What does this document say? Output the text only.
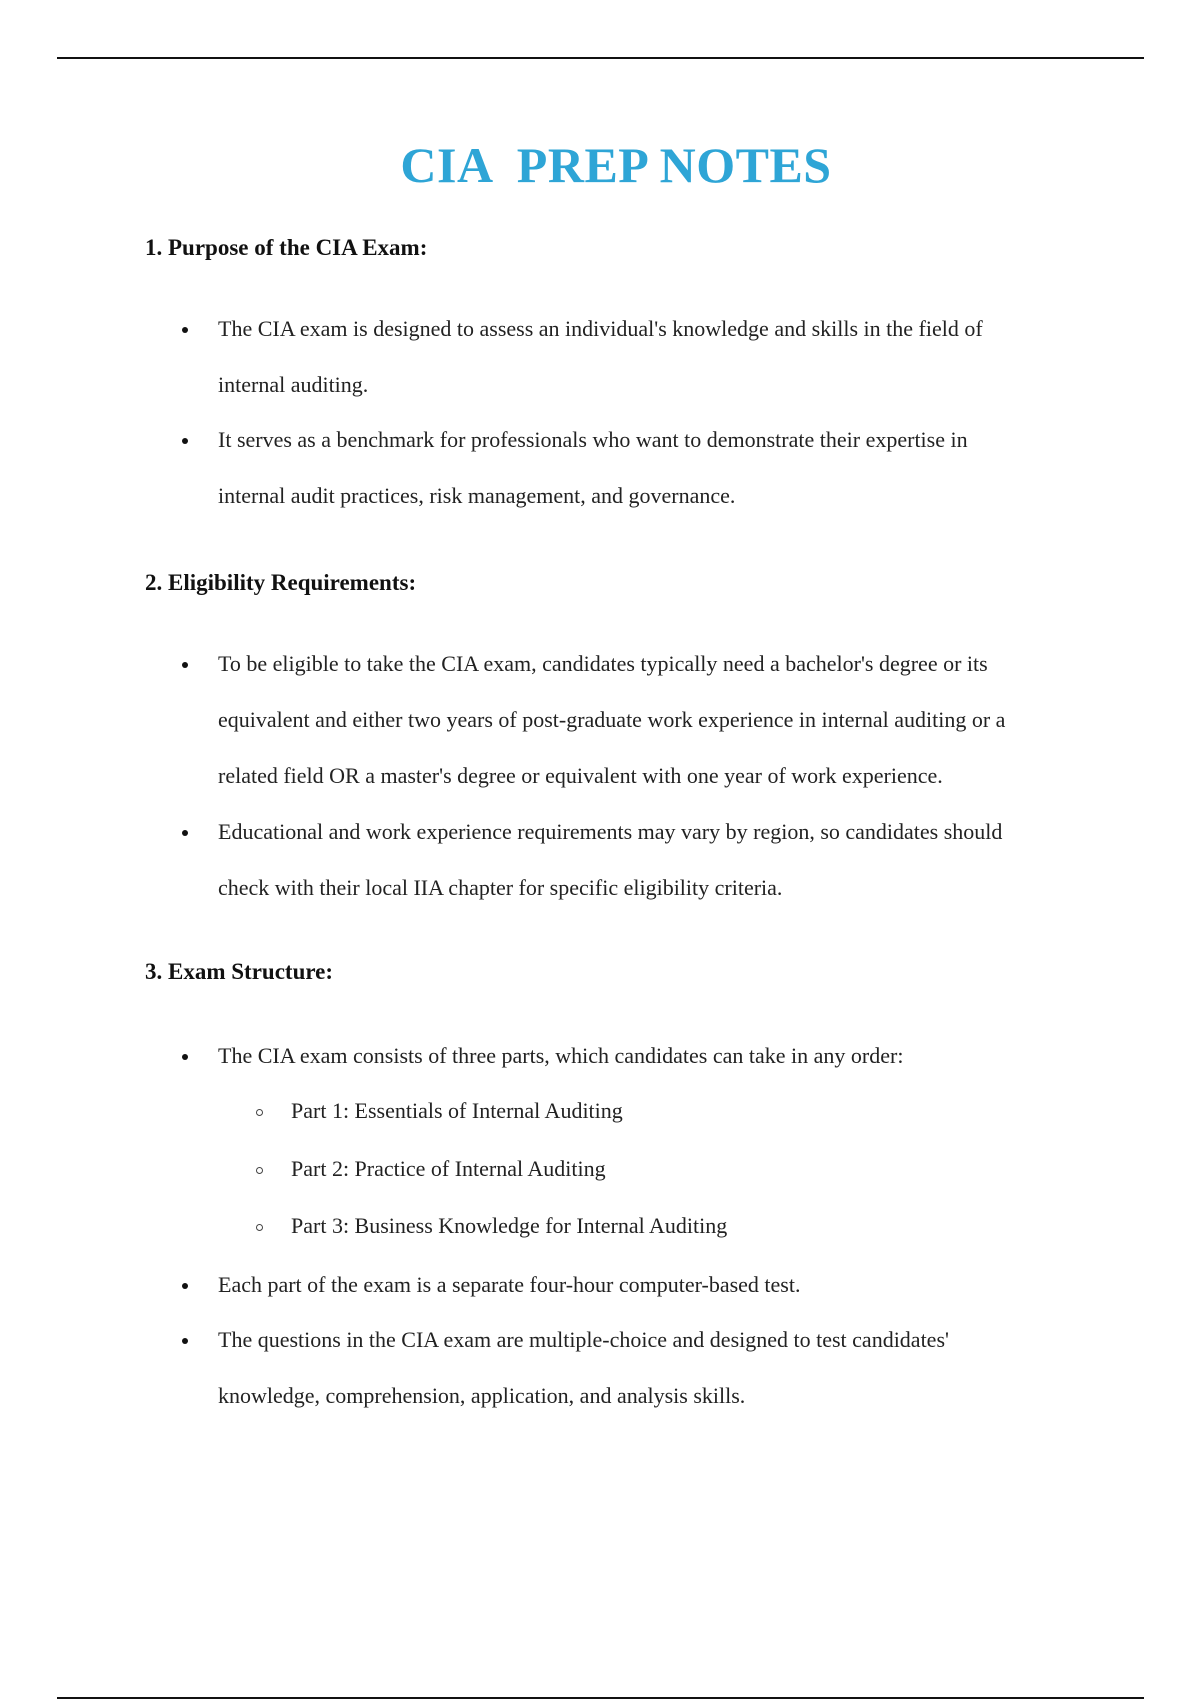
CIA  PREP NOTES
1. Purpose of the CIA Exam:
The CIA exam is designed to assess an individual's knowledge and skills in the field of
internal auditing.
It serves as a benchmark for professionals who want to demonstrate their expertise in
internal audit practices, risk management, and governance.
2. Eligibility Requirements:
To be eligible to take the CIA exam, candidates typically need a bachelor's degree or its
equivalent and either two years of post-graduate work experience in internal auditing or a
related field OR a master's degree or equivalent with one year of work experience.
Educational and work experience requirements may vary by region, so candidates should
check with their local IIA chapter for specific eligibility criteria.
3. Exam Structure:
The CIA exam consists of three parts, which candidates can take in any order:
Part 1: Essentials of Internal Auditing
Part 2: Practice of Internal Auditing
Part 3: Business Knowledge for Internal Auditing
Each part of the exam is a separate four-hour computer-based test.
The questions in the CIA exam are multiple-choice and designed to test candidates'
knowledge, comprehension, application, and analysis skills.
